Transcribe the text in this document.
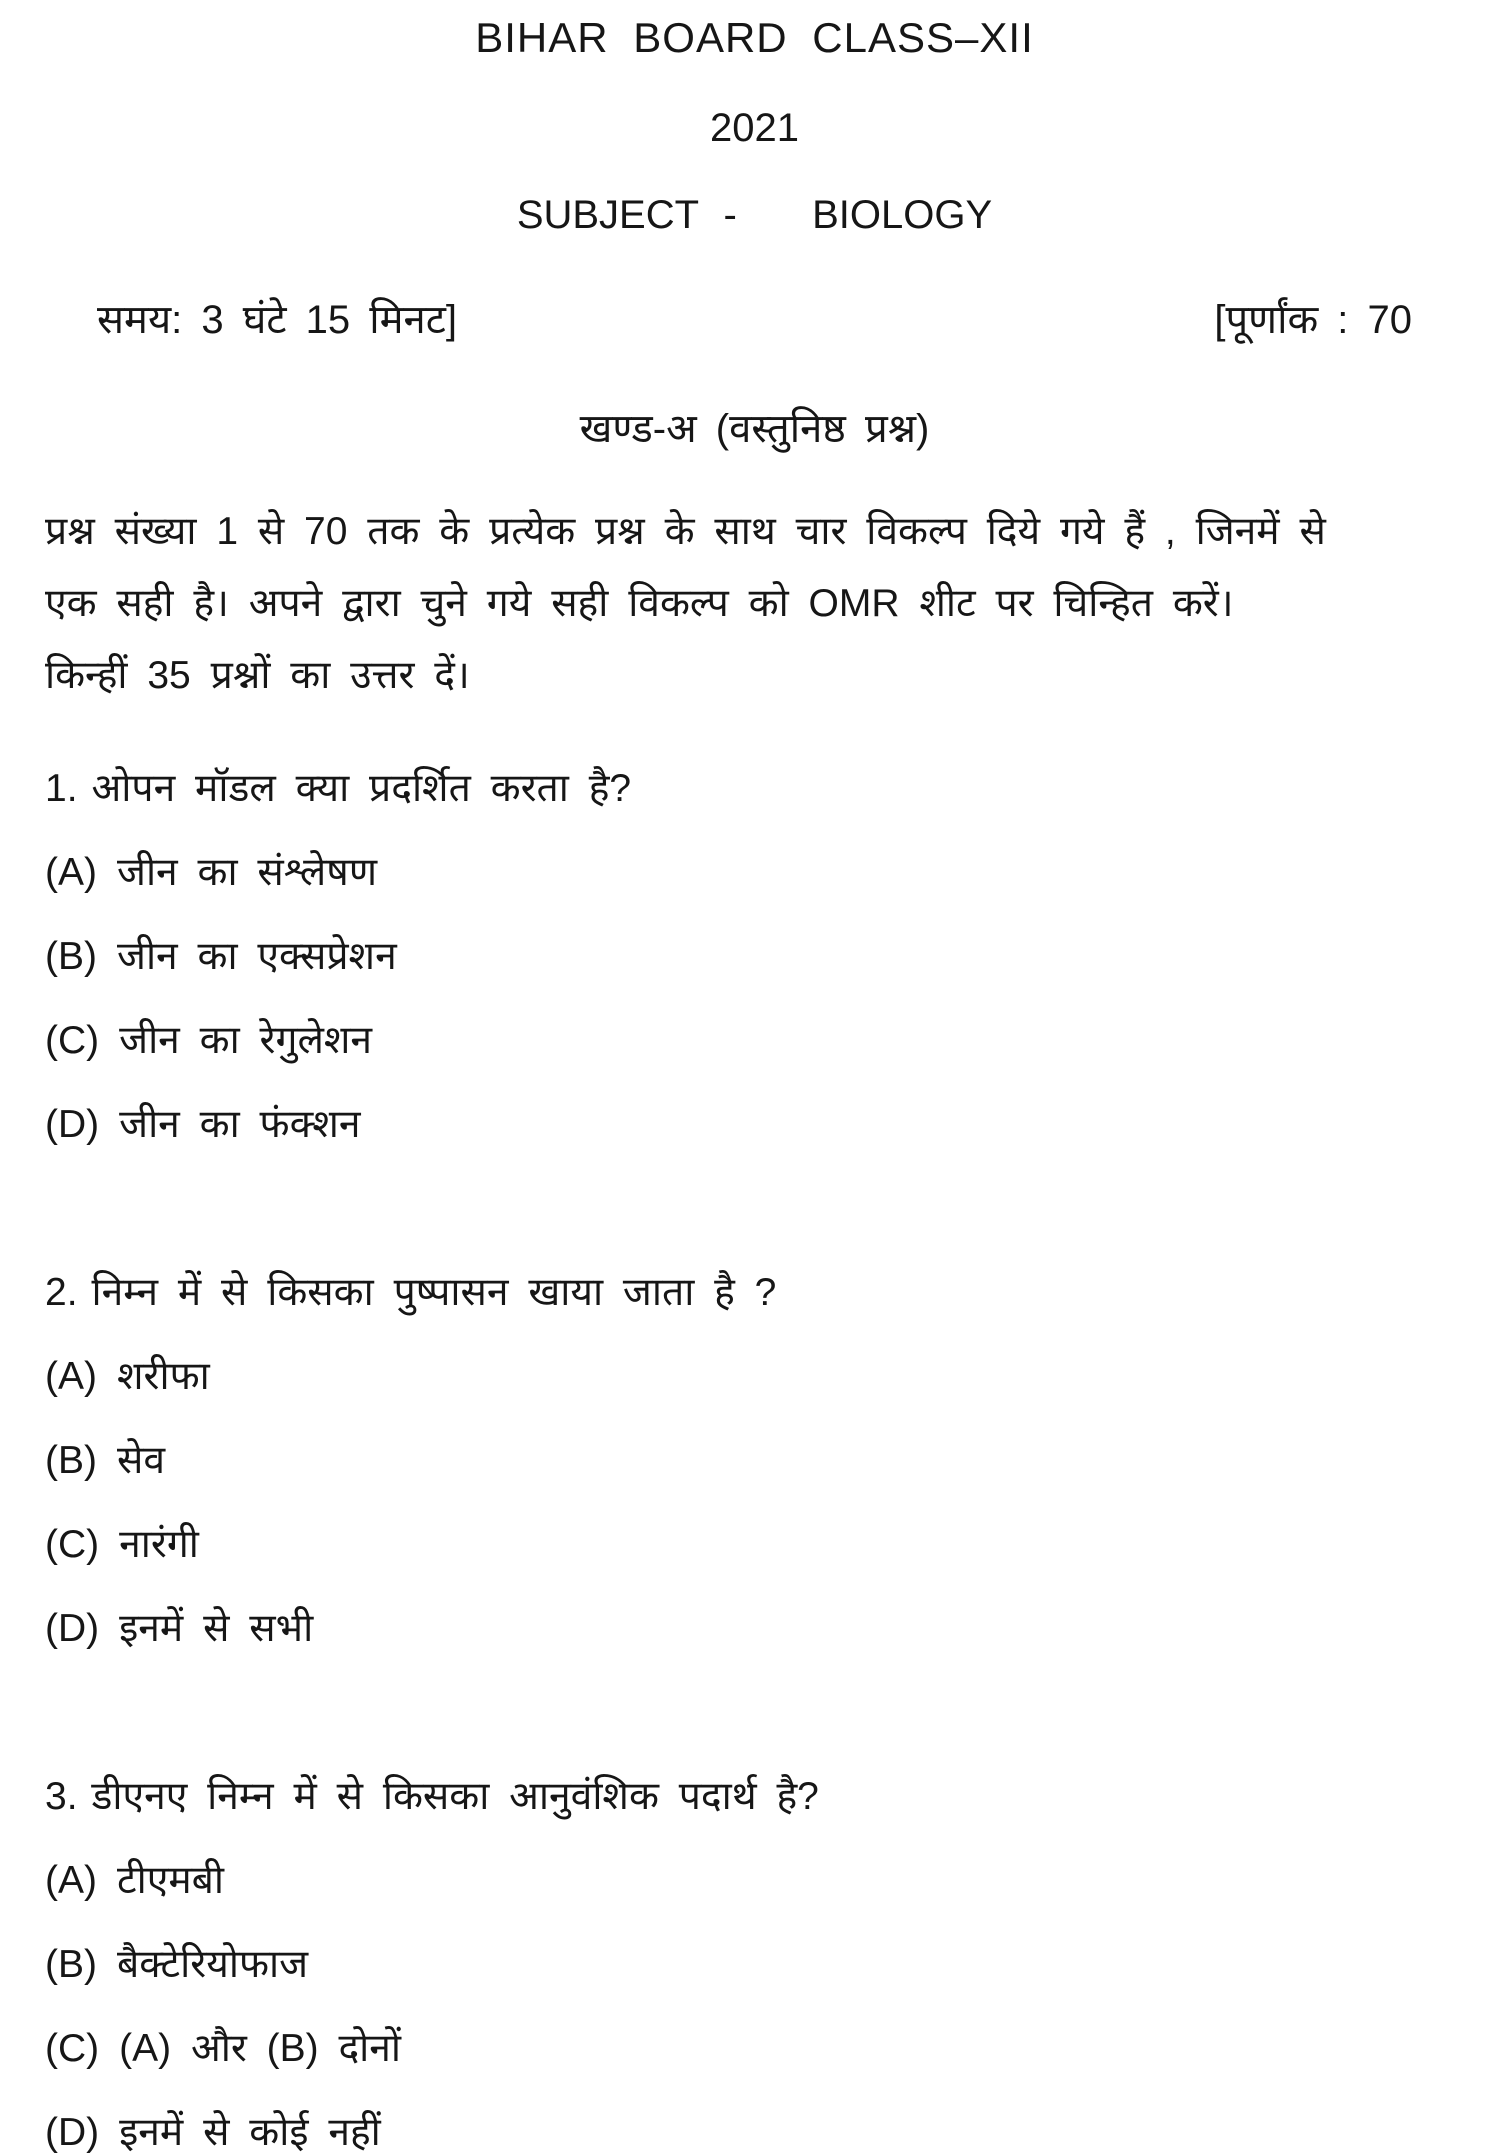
BIHAR BOARD CLASS–XII
2021
SUBJECT -   BIOLOGY
समय: 3 घंटे 15 मिनट]	[पूर्णांक : 70
खण्ड-अ (वस्तुनिष्ठ प्रश्न)
प्रश्न संख्या 1 से 70 तक के प्रत्येक प्रश्न के साथ चार विकल्प दिये गये हैं , जिनमें से
एक सही है। अपने द्वारा चुने गये सही विकल्प को OMR शीट पर चिन्हित करें।
किन्हीं 35 प्रश्नों का उत्तर दें।
1. ओपन मॉडल क्या प्रदर्शित करता है?
(A) जीन का संश्लेषण
(B) जीन का एक्सप्रेशन
(C) जीन का रेगुलेशन
(D) जीन का फंक्शन
2. निम्न में से किसका पुष्पासन खाया जाता है ?
(A) शरीफा
(B) सेव
(C) नारंगी
(D) इनमें से सभी
3. डीएनए निम्न में से किसका आनुवंशिक पदार्थ है?
(A) टीएमबी
(B) बैक्टेरियोफाज
(C) (A) और (B) दोनों
(D) इनमें से कोई नहीं
